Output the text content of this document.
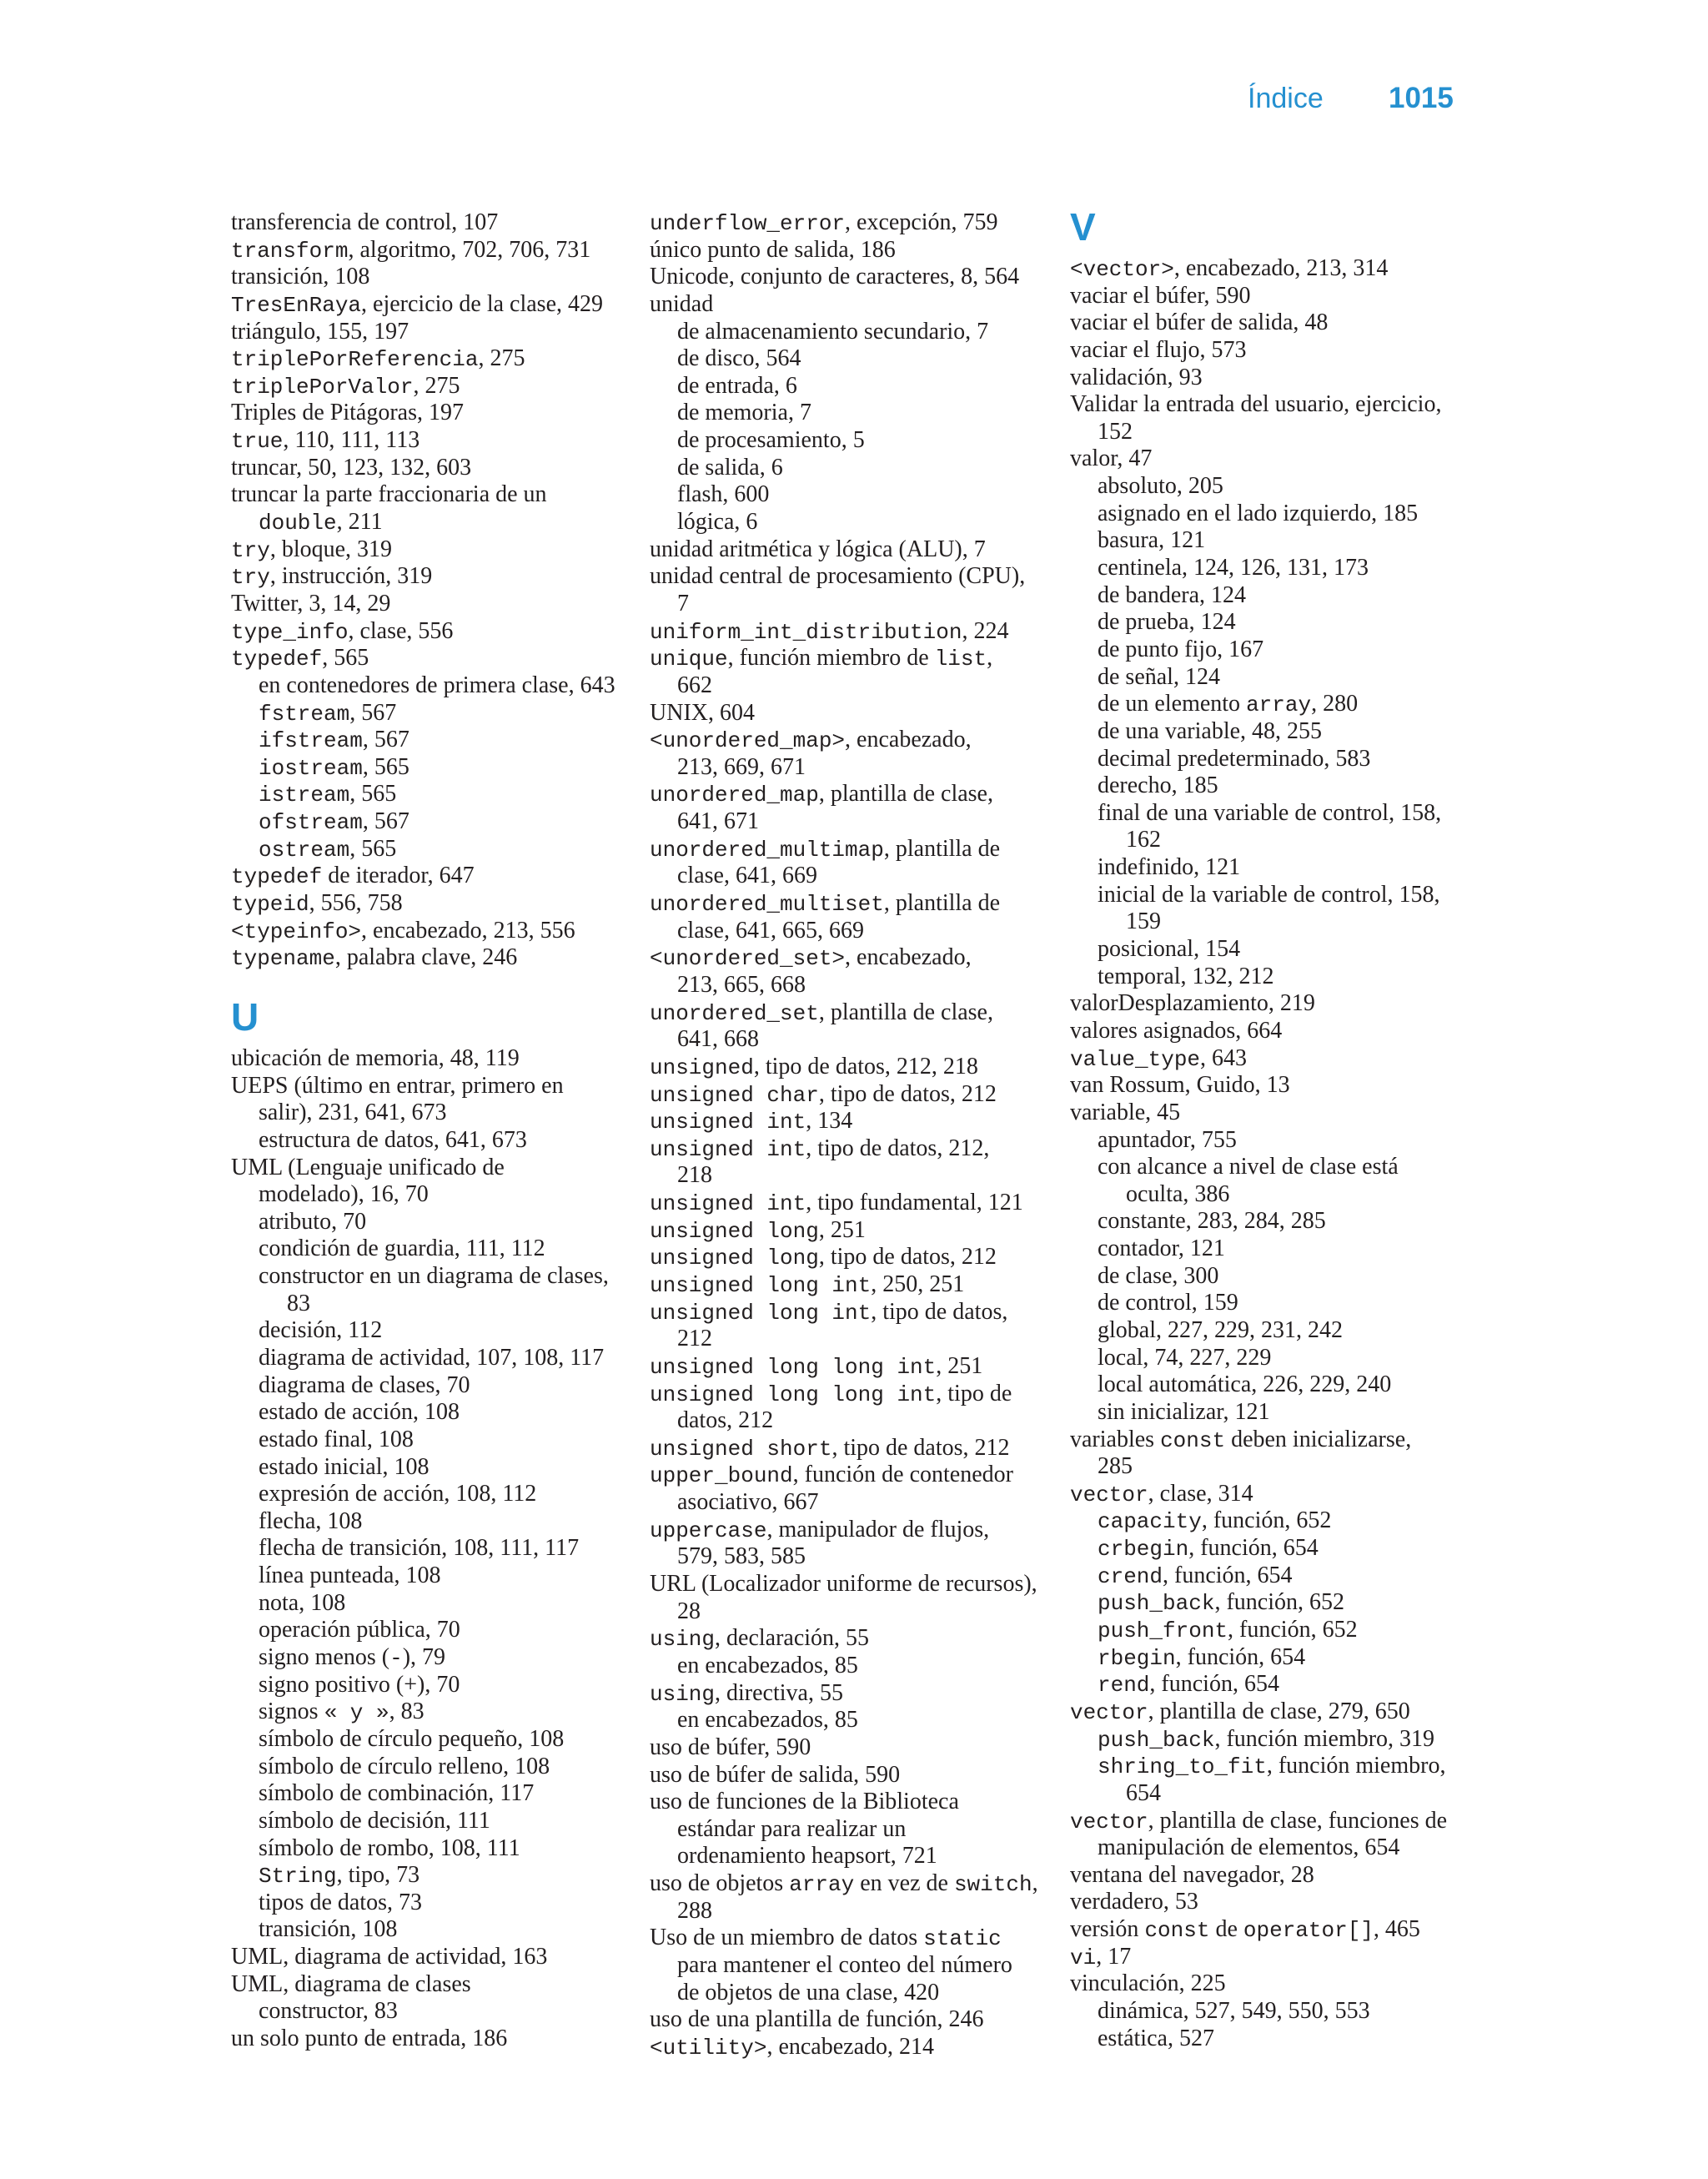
Índice 1015
transferencia de control, 107
transform, algoritmo, 702, 706, 731
transición, 108
TresEnRaya, ejercicio de la clase, 429
triángulo, 155, 197
triplePorReferencia, 275
triplePorValor, 275
Triples de Pitágoras, 197
true, 110, 111, 113
truncar, 50, 123, 132, 603
truncar la parte fraccionaria de un
double, 211
try, bloque, 319
try, instrucción, 319
Twitter, 3, 14, 29
type_info, clase, 556
typedef, 565
en contenedores de primera clase, 643
fstream, 567
ifstream, 567
iostream, 565
istream, 565
ofstream, 567
ostream, 565
typedef de iterador, 647
typeid, 556, 758
<typeinfo>, encabezado, 213, 556
typename, palabra clave, 246
U
ubicación de memoria, 48, 119
UEPS (último en entrar, primero en
salir), 231, 641, 673
estructura de datos, 641, 673
UML (Lenguaje unificado de
modelado), 16, 70
atributo, 70
condición de guardia, 111, 112
constructor en un diagrama de clases,
83
decisión, 112
diagrama de actividad, 107, 108, 117
diagrama de clases, 70
estado de acción, 108
estado final, 108
estado inicial, 108
expresión de acción, 108, 112
flecha, 108
flecha de transición, 108, 111, 117
línea punteada, 108
nota, 108
operación pública, 70
signo menos (-), 79
signo positivo (+), 70
signos « y », 83
símbolo de círculo pequeño, 108
símbolo de círculo relleno, 108
símbolo de combinación, 117
símbolo de decisión, 111
símbolo de rombo, 108, 111
String, tipo, 73
tipos de datos, 73
transición, 108
UML, diagrama de actividad, 163
UML, diagrama de clases
constructor, 83
un solo punto de entrada, 186
underflow_error, excepción, 759
único punto de salida, 186
Unicode, conjunto de caracteres, 8, 564
unidad
de almacenamiento secundario, 7
de disco, 564
de entrada, 6
de memoria, 7
de procesamiento, 5
de salida, 6
flash, 600
lógica, 6
unidad aritmética y lógica (ALU), 7
unidad central de procesamiento (CPU),
7
uniform_int_distribution, 224
unique, función miembro de list,
662
UNIX, 604
<unordered_map>, encabezado,
213, 669, 671
unordered_map, plantilla de clase,
641, 671
unordered_multimap, plantilla de
clase, 641, 669
unordered_multiset, plantilla de
clase, 641, 665, 669
<unordered_set>, encabezado,
213, 665, 668
unordered_set, plantilla de clase,
641, 668
unsigned, tipo de datos, 212, 218
unsigned char, tipo de datos, 212
unsigned int, 134
unsigned int, tipo de datos, 212,
218
unsigned int, tipo fundamental, 121
unsigned long, 251
unsigned long, tipo de datos, 212
unsigned long int, 250, 251
unsigned long int, tipo de datos,
212
unsigned long long int, 251
unsigned long long int, tipo de
datos, 212
unsigned short, tipo de datos, 212
upper_bound, función de contenedor
asociativo, 667
uppercase, manipulador de flujos,
579, 583, 585
URL (Localizador uniforme de recursos),
28
using, declaración, 55
en encabezados, 85
using, directiva, 55
en encabezados, 85
uso de búfer, 590
uso de búfer de salida, 590
uso de funciones de la Biblioteca
estándar para realizar un
ordenamiento heapsort, 721
uso de objetos array en vez de switch,
288
Uso de un miembro de datos static
para mantener el conteo del número
de objetos de una clase, 420
uso de una plantilla de función, 246
<utility>, encabezado, 214
V
<vector>, encabezado, 213, 314
vaciar el búfer, 590
vaciar el búfer de salida, 48
vaciar el flujo, 573
validación, 93
Validar la entrada del usuario, ejercicio,
152
valor, 47
absoluto, 205
asignado en el lado izquierdo, 185
basura, 121
centinela, 124, 126, 131, 173
de bandera, 124
de prueba, 124
de punto fijo, 167
de señal, 124
de un elemento array, 280
de una variable, 48, 255
decimal predeterminado, 583
derecho, 185
final de una variable de control, 158,
162
indefinido, 121
inicial de la variable de control, 158,
159
posicional, 154
temporal, 132, 212
valorDesplazamiento, 219
valores asignados, 664
value_type, 643
van Rossum, Guido, 13
variable, 45
apuntador, 755
con alcance a nivel de clase está
oculta, 386
constante, 283, 284, 285
contador, 121
de clase, 300
de control, 159
global, 227, 229, 231, 242
local, 74, 227, 229
local automática, 226, 229, 240
sin inicializar, 121
variables const deben inicializarse,
285
vector, clase, 314
capacity, función, 652
crbegin, función, 654
crend, función, 654
push_back, función, 652
push_front, función, 652
rbegin, función, 654
rend, función, 654
vector, plantilla de clase, 279, 650
push_back, función miembro, 319
shring_to_fit, función miembro,
654
vector, plantilla de clase, funciones de
manipulación de elementos, 654
ventana del navegador, 28
verdadero, 53
versión const de operator[], 465
vi, 17
vinculación, 225
dinámica, 527, 549, 550, 553
estática, 527
